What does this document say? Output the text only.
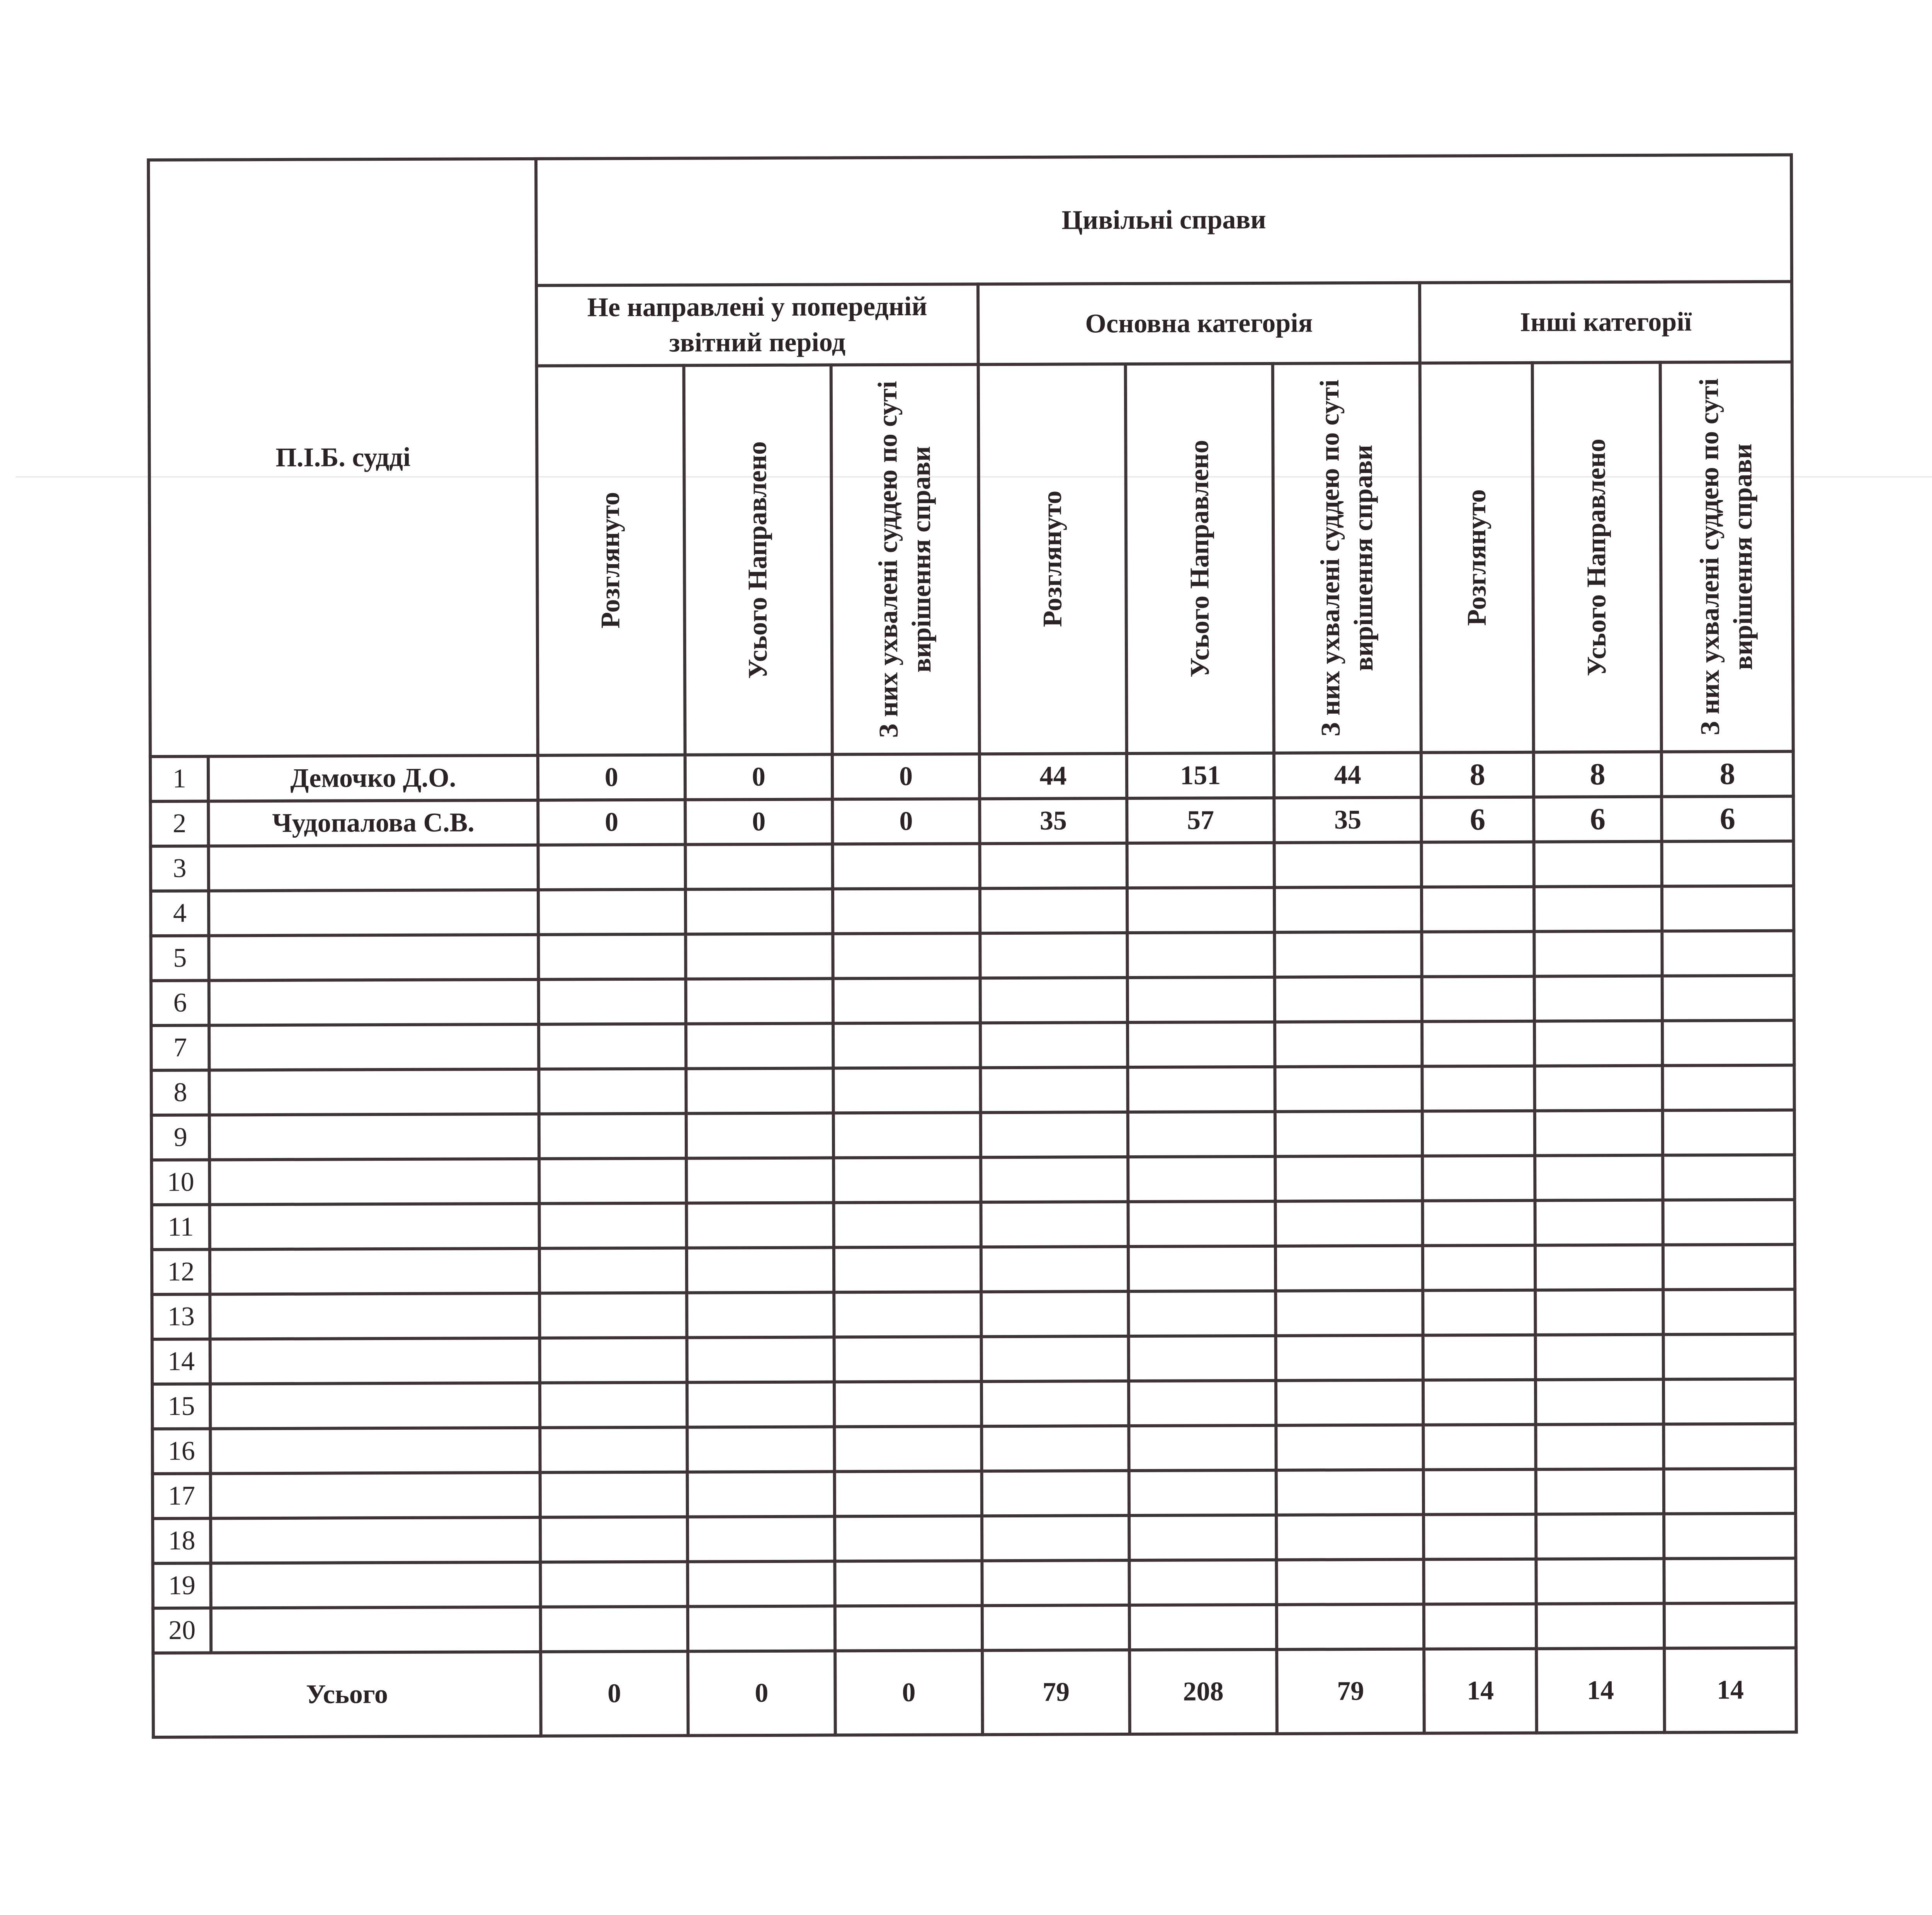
П.І.Б. судді		Цивільні справи								
		Не направлені у попередній звітний період			Основна категорія			Інші категорії		

		Розглянуто	Усього Направлено	З них ухвалені суддею по суті вирішення справи	Розглянуто	Усього Направлено	З них ухвалені суддею по суті вирішення справи	Розглянуто	Усього Направлено	З них ухвалені суддею по суті вирішення справи

1	Демочко Д.О.	0	0	0	44	151	44	8	8	8
2	Чудопалова С.В.	0	0	0	35	57	35	6	6	6
3										
4										
5										
6										
7										
8										
9										
10										
11										
12										
13										
14										
15										
16										
17										
18										
19										
20										
Усього		0	0	0	79	208	79	14	14	14
